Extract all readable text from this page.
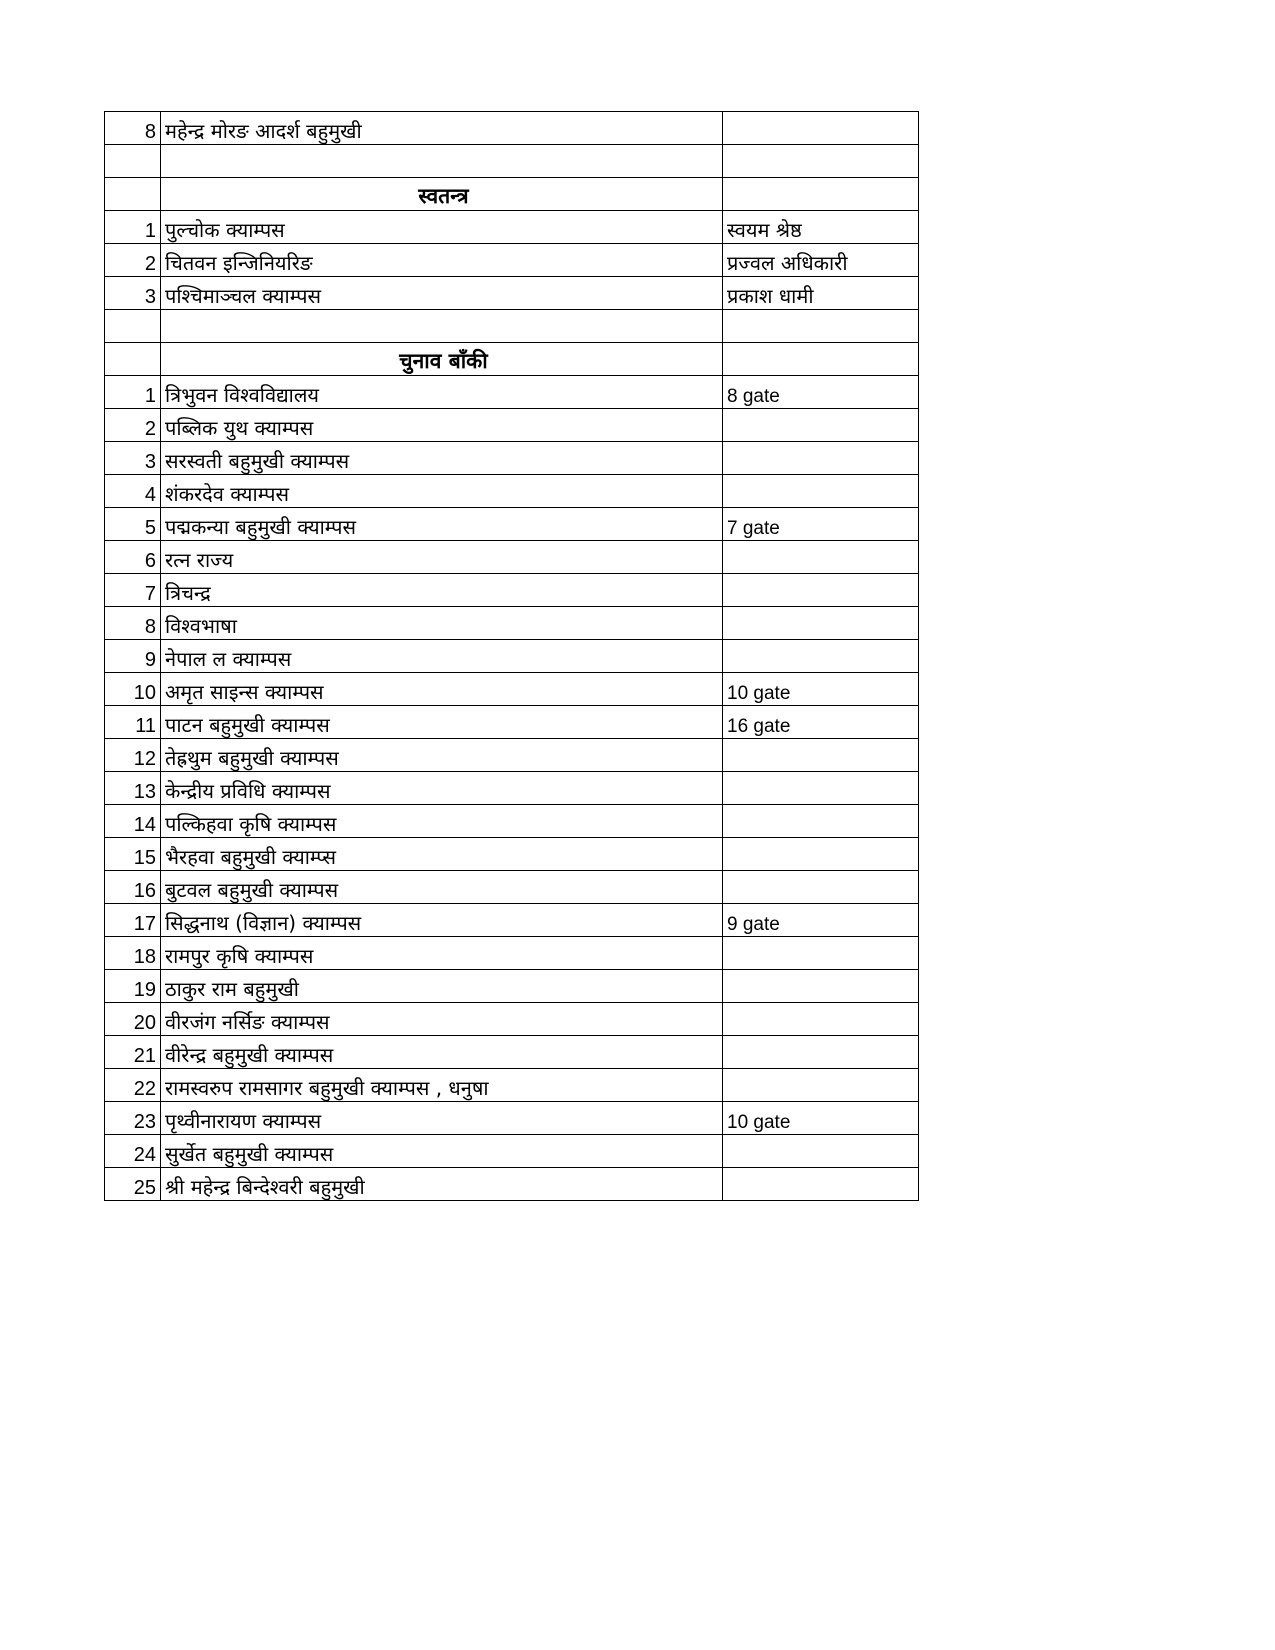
8	महेन्द्र मोरङ आदर्श बहुमुखी	

	स्वतन्त्र	
1	पुल्चोक क्याम्पस	स्वयम श्रेष्ठ
2	चितवन इन्जिनियरिङ	प्रज्वल अधिकारी
3	पश्चिमाञ्चल क्याम्पस	प्रकाश धामी

	चुनाव बाँकी	
1	त्रिभुवन विश्वविद्यालय	8 gate
2	पब्लिक युथ क्याम्पस	
3	सरस्वती बहुमुखी क्याम्पस	
4	शंकरदेव क्याम्पस	
5	पद्मकन्या बहुमुखी क्याम्पस	7 gate
6	रत्न राज्य	
7	त्रिचन्द्र	
8	विश्वभाषा	
9	नेपाल ल क्याम्पस	
10	अमृत साइन्स क्याम्पस	10 gate
11	पाटन बहुमुखी क्याम्पस	16 gate
12	तेह्रथुम बहुमुखी क्याम्पस	
13	केन्द्रीय प्रविधि क्याम्पस	
14	पल्किहवा कृषि क्याम्पस	
15	भैरहवा बहुमुखी क्याम्प्स	
16	बुटवल बहुमुखी क्याम्पस	
17	सिद्धनाथ (विज्ञान) क्याम्पस	9 gate
18	रामपुर कृषि क्याम्पस	
19	ठाकुर राम बहुमुखी	
20	वीरजंग नर्सिङ क्याम्पस	
21	वीरेन्द्र बहुमुखी क्याम्पस	
22	रामस्वरुप रामसागर बहुमुखी क्याम्पस , धनुषा	
23	पृथ्वीनारायण क्याम्पस	10 gate
24	सुर्खेत बहुमुखी क्याम्पस	
25	श्री महेन्द्र बिन्देश्वरी बहुमुखी	
